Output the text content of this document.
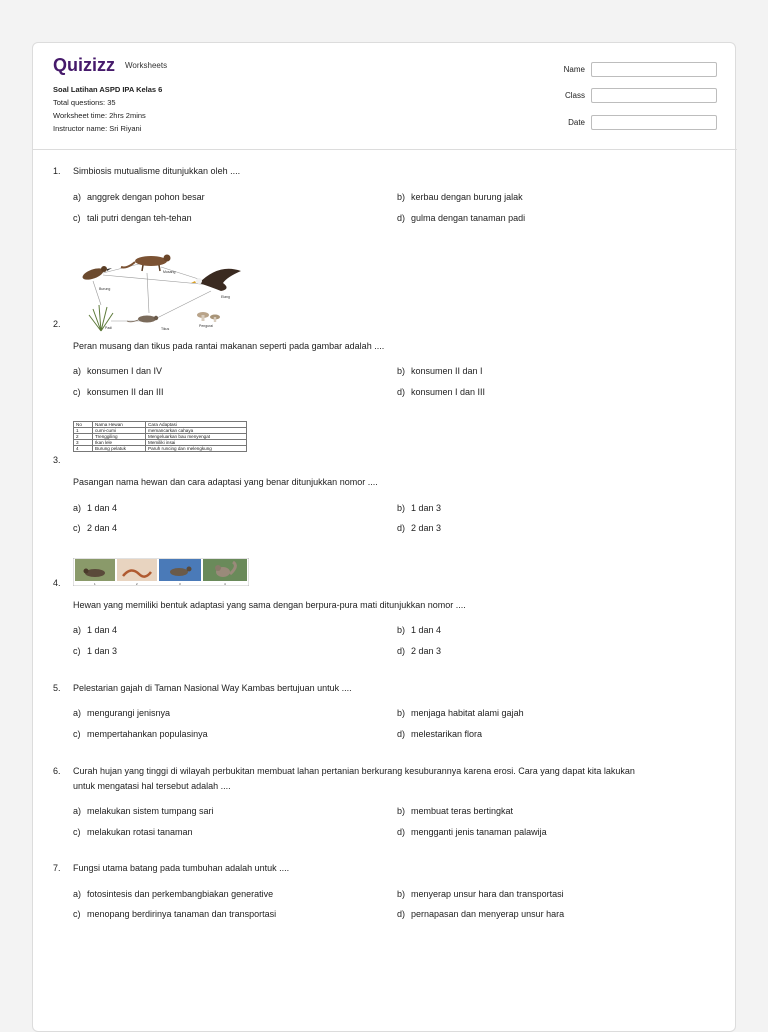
Quizizz Worksheets
Soal Latihan ASPD IPA Kelas 6
Total questions: 35
Worksheet time: 2hrs 2mins
Instructor name: Sri Riyani
Name
Class
Date
1. Simbiosis mutualisme ditunjukkan oleh ....
a) anggrek dengan pohon besar	b) kerbau dengan burung jalak
c) tali putri dengan teh-tehan	d) gulma dengan tanaman padi
Burung
Musang
Elang
Padi	Tikus
Pengurai
2.
Peran musang dan tikus pada rantai makanan seperti pada gambar adalah ....
a) konsumen I dan IV	b) konsumen II dan I
c) konsumen II dan III	d) konsumen I dan III
No	Nama Hewan	Cara Adaptasi
1	cumi-cumi	memancarkan cahaya
2	Trenggiling	Mengeluarkan bau menyengat
3	Ikan lele	Memiliki insai
4	Burung pelatuk	Paruh runcing dan melengkung
3.
Pasangan nama hewan dan cara adaptasi yang benar ditunjukkan nomor ....
a) 1 dan 4	b) 1 dan 3
c) 2 dan 4	d) 2 dan 3
1	2	3	4
4.
Hewan yang memiliki bentuk adaptasi yang sama dengan berpura-pura mati ditunjukkan nomor ....
a) 1 dan 4	b) 1 dan 4
c) 1 dan 3	d) 2 dan 3
5. Pelestarian gajah di Taman Nasional Way Kambas bertujuan untuk ....
a) mengurangi jenisnya	b) menjaga habitat alami gajah
c) mempertahankan populasinya	d) melestarikan flora
6. Curah hujan yang tinggi di wilayah perbukitan membuat lahan pertanian berkurang kesuburannya karena erosi. Cara yang dapat kita lakukan
untuk mengatasi hal tersebut adalah ....
a) melakukan sistem tumpang sari	b) membuat teras bertingkat
c) melakukan rotasi tanaman	d) mengganti jenis tanaman palawija
7. Fungsi utama batang pada tumbuhan adalah untuk ....
a) fotosintesis dan perkembangbiakan generative	b) menyerap unsur hara dan transportasi
c) menopang berdirinya tanaman dan transportasi	d) pernapasan dan menyerap unsur hara
